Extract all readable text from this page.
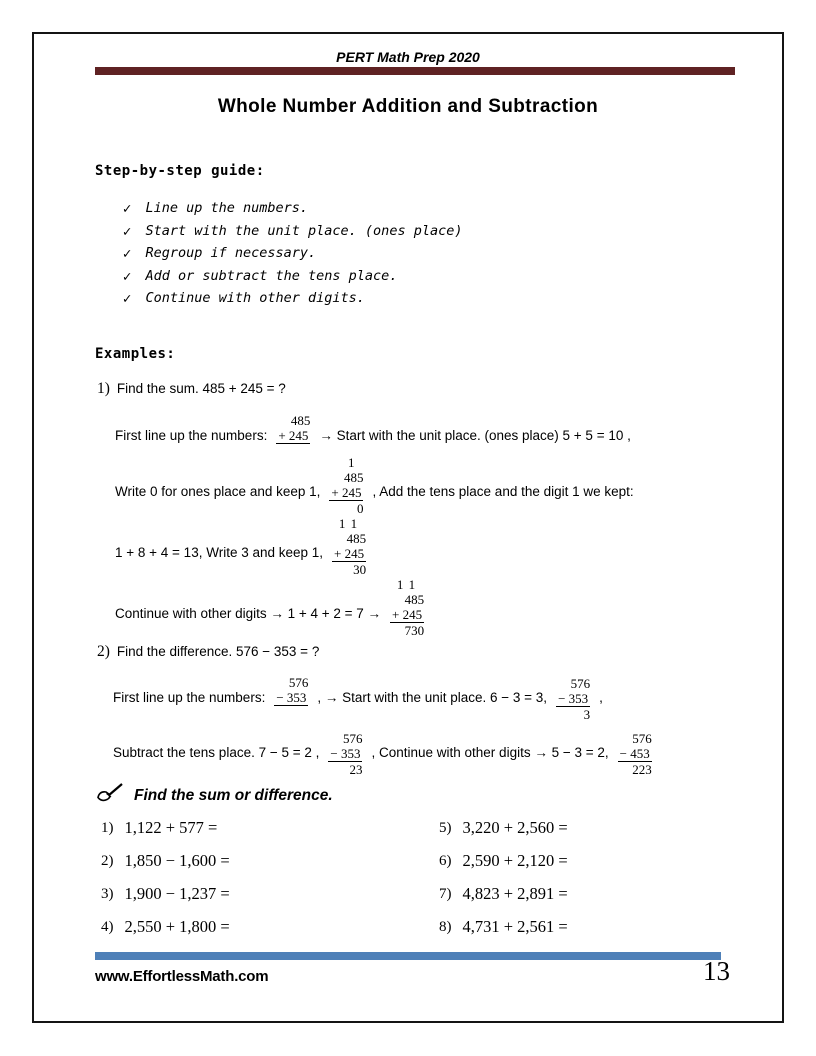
PERT Math Prep 2020
Whole Number Addition and Subtraction
Step-by-step guide:
✓ Line up the numbers.
✓ Start with the unit place. (ones place)
✓ Regroup if necessary.
✓ Add or subtract the tens place.
✓ Continue with other digits.
Examples:
1) Find the sum. 485 + 245 = ?
First line up the numbers:
485
+ 245 → Start with the unit place. (ones place) 5 + 5 = 10 ,
Write 0 for ones place and keep 1,
1
485
+ 245
0
, Add the tens place and the digit 1 we kept:
1 + 8 + 4 = 13, Write 3 and keep 1,
1 1
485
+ 245
30
Continue with other digits → 1 + 4 + 2 = 7 →
1 1
485
+ 245
730
2) Find the difference. 576 − 353 = ?
First line up the numbers:
576
− 353 , → Start with the unit place. 6 − 3 = 3,
576
− 353
3
,
Subtract the tens place. 7 − 5 = 2 ,
576
− 353
23
, Continue with other digits → 5 − 3 = 2,
576
− 453
223
Find the sum or difference.
1) 1,122 + 577 =	5) 3,220 + 2,560 =
2) 1,850 − 1,600 =	6) 2,590 + 2,120 =
3) 1,900 − 1,237 =	7) 4,823 + 2,891 =
4) 2,550 + 1,800 =	8) 4,731 + 2,561 =
www.EffortlessMath.com	13
